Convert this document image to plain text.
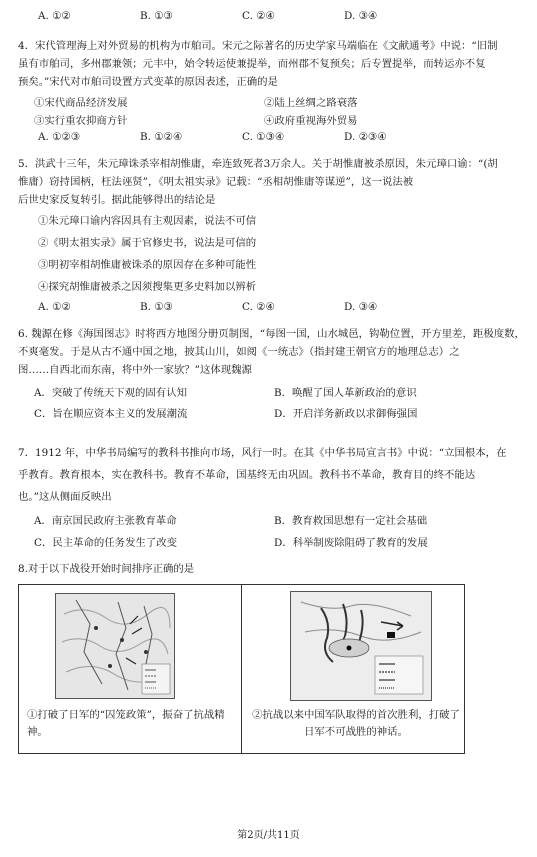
A. ①②	B. ①③	C. ②④	D. ③④
4．宋代管理海上对外贸易的机构为市舶司。宋元之际著名的历史学家马端临在《文献通考》中说：“旧制
虽有市舶司，多州郡兼领；元丰中，始令转运使兼提举，而州郡不复预矣；后专置提举，而转运亦不复
预矣。”宋代对市舶司设置方式变革的原因表述，正确的是
①宋代商品经济发展	②陆上丝绸之路衰落
③实行重农抑商方针	④政府重视海外贸易
A. ①②③	B. ①②④	C. ①③④	D. ②③④
5．洪武十三年，朱元璋诛杀宰相胡惟庸，牵连致死者3万余人。关于胡惟庸被杀原因，朱元璋口谕：“(胡
惟庸）窃持国柄，枉法诬贤”，《明太祖实录》记载：“丞相胡惟庸等谋逆”，这一说法被
后世史家反复转引。据此能够得出的结论是
①朱元璋口谕内容因具有主观因素，说法不可信
②《明太祖实录》属于官修史书，说法是可信的
③明初宰相胡惟庸被诛杀的原因存在多种可能性
④探究胡惟庸被杀之因须搜集更多史料加以辨析
A. ①②	B. ①③	C. ②④	D. ③④
6. 魏源在修《海国图志》时将西方地图分册页制图，“每图一国，山水城邑，钩勒位置，开方里差，距极度数，
不爽毫发。于是从古不通中国之地，披其山川，如阅《一统志》（指封建王朝官方的地理总志）之
图……自西北而东南，将中外一家欤？”这体现魏源
A．突破了传统天下观的固有认知	B．唤醒了国人革新政治的意识
C．旨在顺应资本主义的发展潮流	D．开启洋务新政以求御侮强国
7．1912 年，中华书局编写的教科书推向市场，风行一时。在其《中华书局宣言书》中说：“立国根本，在
乎教育。教育根本，实在教科书。教育不革命，国基终无由巩固。教科书不革命，教育目的终不能达
也。”这从侧面反映出
A．南京国民政府主张教育革命	B．教育救国思想有一定社会基础
C．民主革命的任务发生了改变	D．科举制废除阻碍了教育的发展
8.对于以下战役开始时间排序正确的是
①打破了日军的“囚笼政策”，振奋了抗战精神。
②抗战以来中国军队取得的首次胜利，打破了日军不可战胜的神话。
第2页/共11页
